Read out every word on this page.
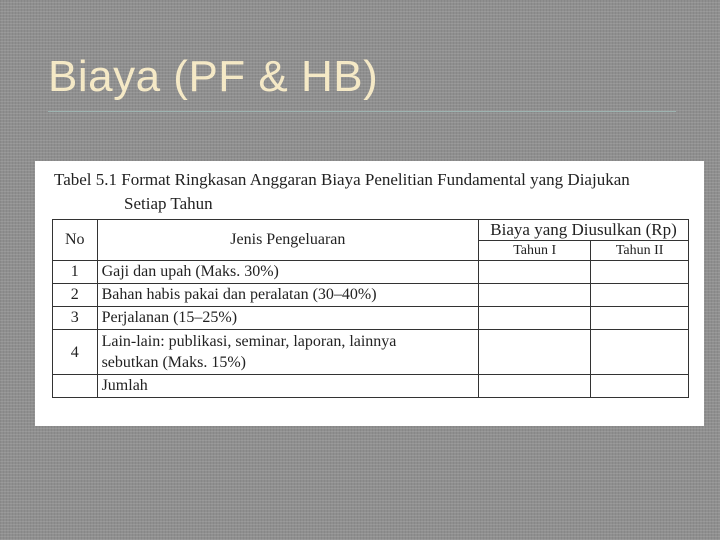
Biaya (PF & HB)
Tabel 5.1 Format Ringkasan Anggaran Biaya Penelitian Fundamental yang Diajukan
Setiap Tahun
No	Jenis Pengeluaran	Biaya yang Diusulkan (Rp)	
		Tahun I	Tahun II
1	Gaji dan upah (Maks. 30%)		
2	Bahan habis pakai dan peralatan (30–40%)		
3	Perjalanan (15–25%)		
4	Lain-lain: publikasi, seminar, laporan, lainnya
sebutkan (Maks. 15%)		
	Jumlah		
